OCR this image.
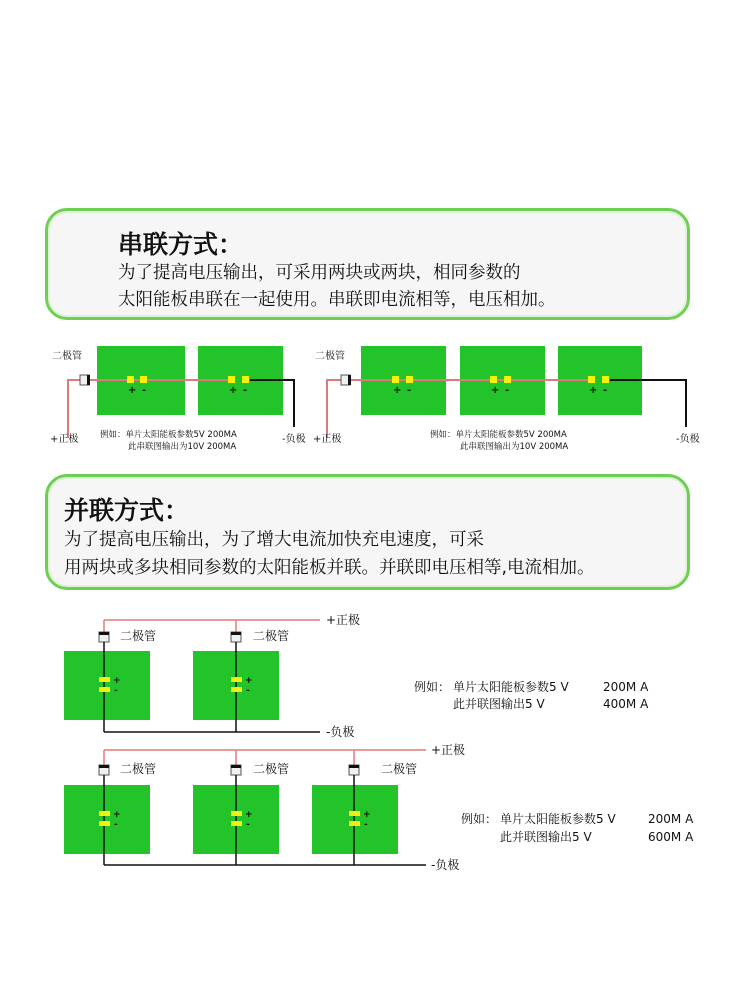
串联方式：
为了提高电压输出，可采用两块或两块，相同参数的
太阳能板串联在一起使用。串联即电流相等，电压相加。
并联方式：
为了提高电压输出，为了增大电流加快充电速度，可采
用两块或多块相同参数的太阳能板并联。并联即电压相等,电流相加。
二极管
+ -	+ -
+正极	-负极
例如：单片太阳能板参数5V 200MA
此串联图输出为10V 200MA
二极管
+ -	+ -	+ -
+正极	-负极
例如：单片太阳能板参数5V 200MA
此串联图输出为10V 200MA
+正极
二极管	二极管
-负极
+
-
+
-	例如： 单片太阳能板参数5 V	200M A
此并联图输出5 V	400M A
+正极
二极管	二极管	二极管
-负极
+
-
+
-
+
-	例如： 单片太阳能板参数5 V	200M A
此并联图输出5 V	600M A
